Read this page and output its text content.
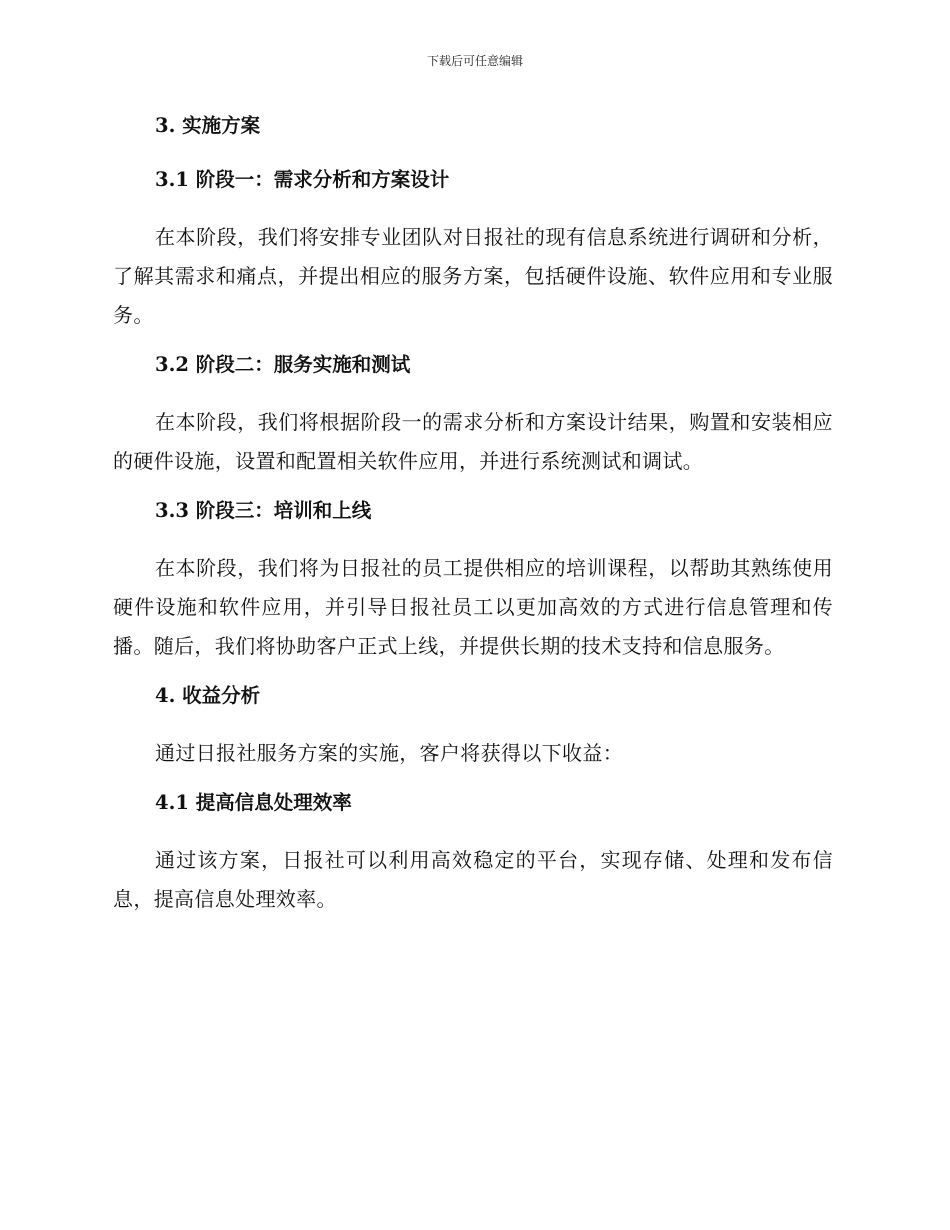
下载后可任意编辑
3. 实施方案
3.1 阶段一：需求分析和方案设计

在本阶段，我们将安排专业团队对日报社的现有信息系统进行调研和分析，了解其需求和痛点，并提出相应的服务方案，包括硬件设施、软件应用和专业服务。

3.2 阶段二：服务实施和测试

在本阶段，我们将根据阶段一的需求分析和方案设计结果，购置和安装相应的硬件设施，设置和配置相关软件应用，并进行系统测试和调试。

3.3 阶段三：培训和上线

在本阶段，我们将为日报社的员工提供相应的培训课程，以帮助其熟练使用硬件设施和软件应用，并引导日报社员工以更加高效的方式进行信息管理和传播。随后，我们将协助客户正式上线，并提供长期的技术支持和信息服务。

4. 收益分析

通过日报社服务方案的实施，客户将获得以下收益：

4.1 提高信息处理效率

通过该方案，日报社可以利用高效稳定的平台，实现存储、处理和发布信息，提高信息处理效率。
